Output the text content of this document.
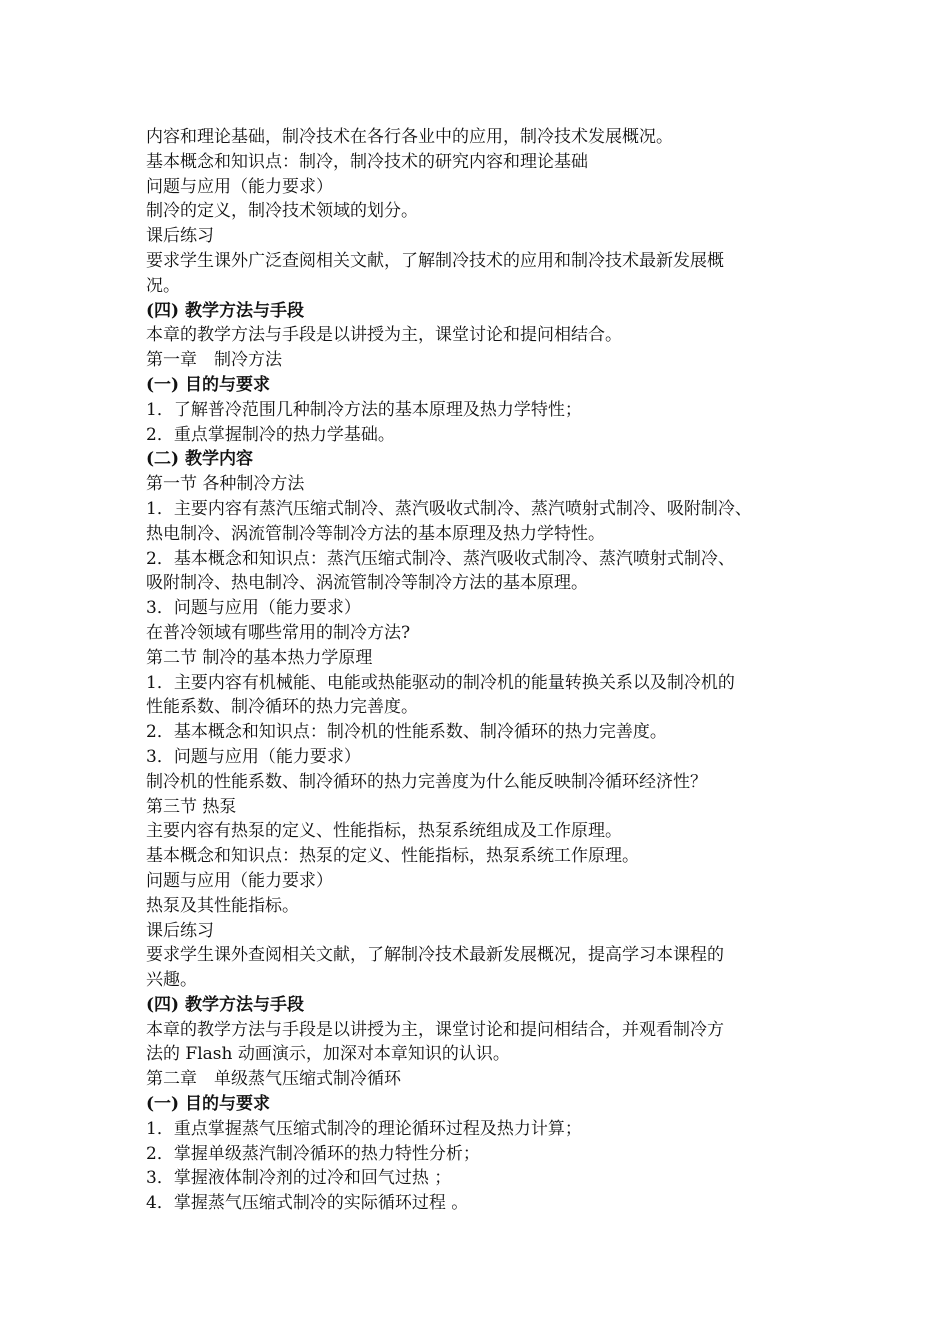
内容和理论基础，制冷技术在各行各业中的应用，制冷技术发展概况。
基本概念和知识点：制冷，制冷技术的研究内容和理论基础
问题与应用（能力要求）
制冷的定义，制冷技术领域的划分。
课后练习
要求学生课外广泛查阅相关文献，了解制冷技术的应用和制冷技术最新发展概
况。
(四) 教学方法与手段
本章的教学方法与手段是以讲授为主，课堂讨论和提问相结合。
第一章　制冷方法
(一) 目的与要求
1．了解普冷范围几种制冷方法的基本原理及热力学特性；
2．重点掌握制冷的热力学基础。
(二) 教学内容
第一节 各种制冷方法
1．主要内容有蒸汽压缩式制冷、蒸汽吸收式制冷、蒸汽喷射式制冷、吸附制冷、
热电制冷、涡流管制冷等制冷方法的基本原理及热力学特性。
2．基本概念和知识点：蒸汽压缩式制冷、蒸汽吸收式制冷、蒸汽喷射式制冷、
吸附制冷、热电制冷、涡流管制冷等制冷方法的基本原理。
3．问题与应用（能力要求）
在普冷领域有哪些常用的制冷方法?
第二节 制冷的基本热力学原理
1．主要内容有机械能、电能或热能驱动的制冷机的能量转换关系以及制冷机的
性能系数、制冷循环的热力完善度。
2．基本概念和知识点：制冷机的性能系数、制冷循环的热力完善度。
3．问题与应用（能力要求）
制冷机的性能系数、制冷循环的热力完善度为什么能反映制冷循环经济性？
第三节 热泵
主要内容有热泵的定义、性能指标，热泵系统组成及工作原理。
基本概念和知识点：热泵的定义、性能指标，热泵系统工作原理。
问题与应用（能力要求）
热泵及其性能指标。
课后练习
要求学生课外查阅相关文献，了解制冷技术最新发展概况，提高学习本课程的
兴趣。
(四) 教学方法与手段
本章的教学方法与手段是以讲授为主，课堂讨论和提问相结合，并观看制冷方
法的 Flash 动画演示，加深对本章知识的认识。
第二章　单级蒸气压缩式制冷循环
(一) 目的与要求
1．重点掌握蒸气压缩式制冷的理论循环过程及热力计算；
2．掌握单级蒸汽制冷循环的热力特性分析；
3．掌握液体制冷剂的过冷和回气过热 ；
4．掌握蒸气压缩式制冷的实际循环过程 。
